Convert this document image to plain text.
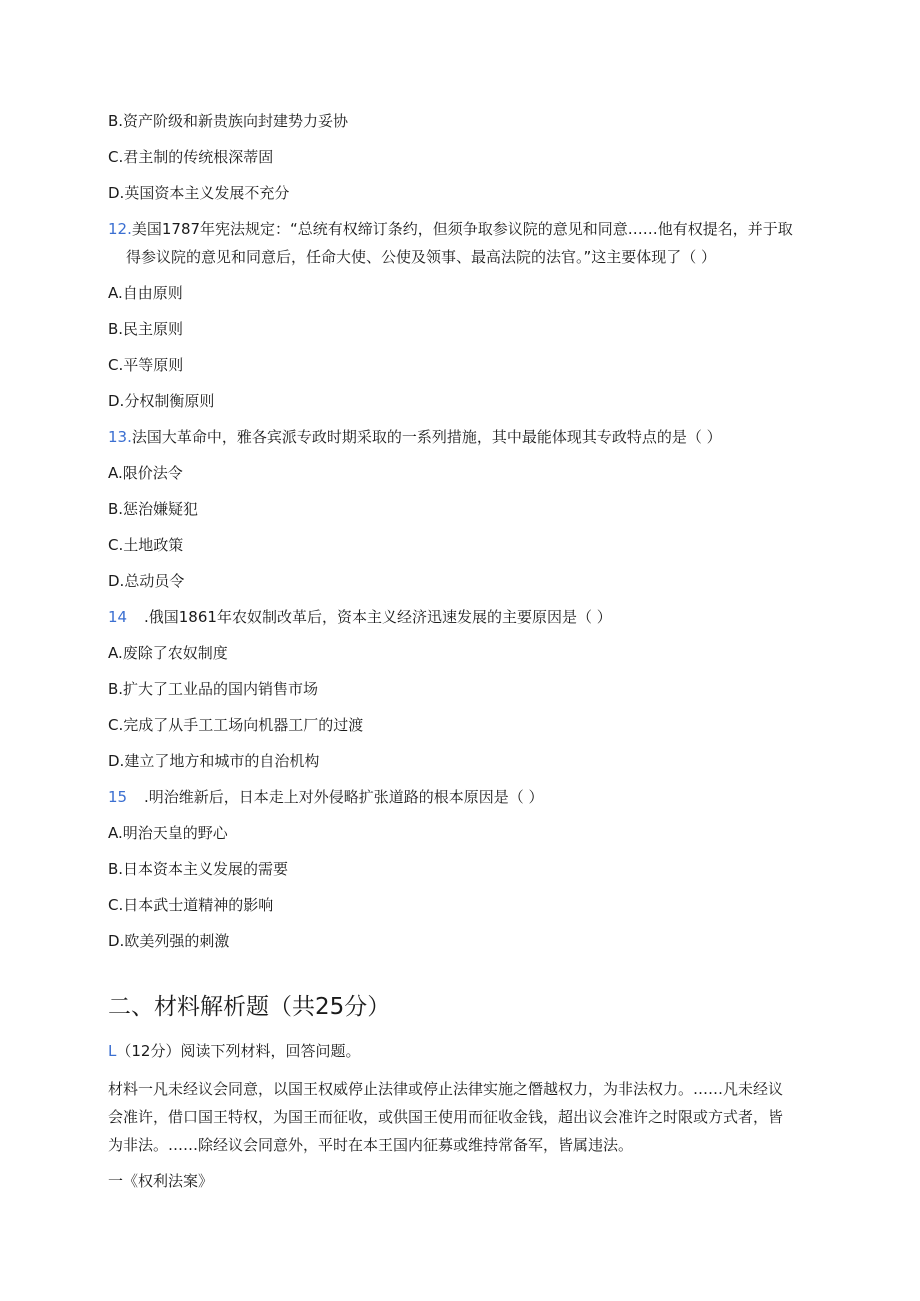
B.资产阶级和新贵族向封建势力妥协
C.君主制的传统根深蒂固
D.英国资本主义发展不充分
12.美国1787年宪法规定：“总统有权缔订条约，但须争取参议院的意见和同意……他有权提名，并于取
得参议院的意见和同意后，任命大使、公使及领事、最高法院的法官。”这主要体现了（ ）
A.自由原则
B.民主原则
C.平等原则
D.分权制衡原则
13.法国大革命中，雅各宾派专政时期采取的一系列措施，其中最能体现其专政特点的是（ ）
A.限价法令
B.惩治嫌疑犯
C.土地政策
D.总动员令
14 .俄国1861年农奴制改革后，资本主义经济迅速发展的主要原因是（ ）
A.废除了农奴制度
B.扩大了工业品的国内销售市场
C.完成了从手工工场向机器工厂的过渡
D.建立了地方和城市的自治机构
15 .明治维新后，日本走上对外侵略扩张道路的根本原因是（ ）
A.明治天皇的野心
B.日本资本主义发展的需要
C.日本武士道精神的影响
D.欧美列强的刺激
二、材料解析题（共25分）
L（12分）阅读下列材料，回答问题。
材料一凡未经议会同意，以国王权威停止法律或停止法律实施之僭越权力，为非法权力。……凡未经议
会准许，借口国王特权，为国王而征收，或供国王使用而征收金钱，超出议会准许之时限或方式者，皆
为非法。……除经议会同意外，平时在本王国内征募或维持常备军，皆属违法。
一《权利法案》
